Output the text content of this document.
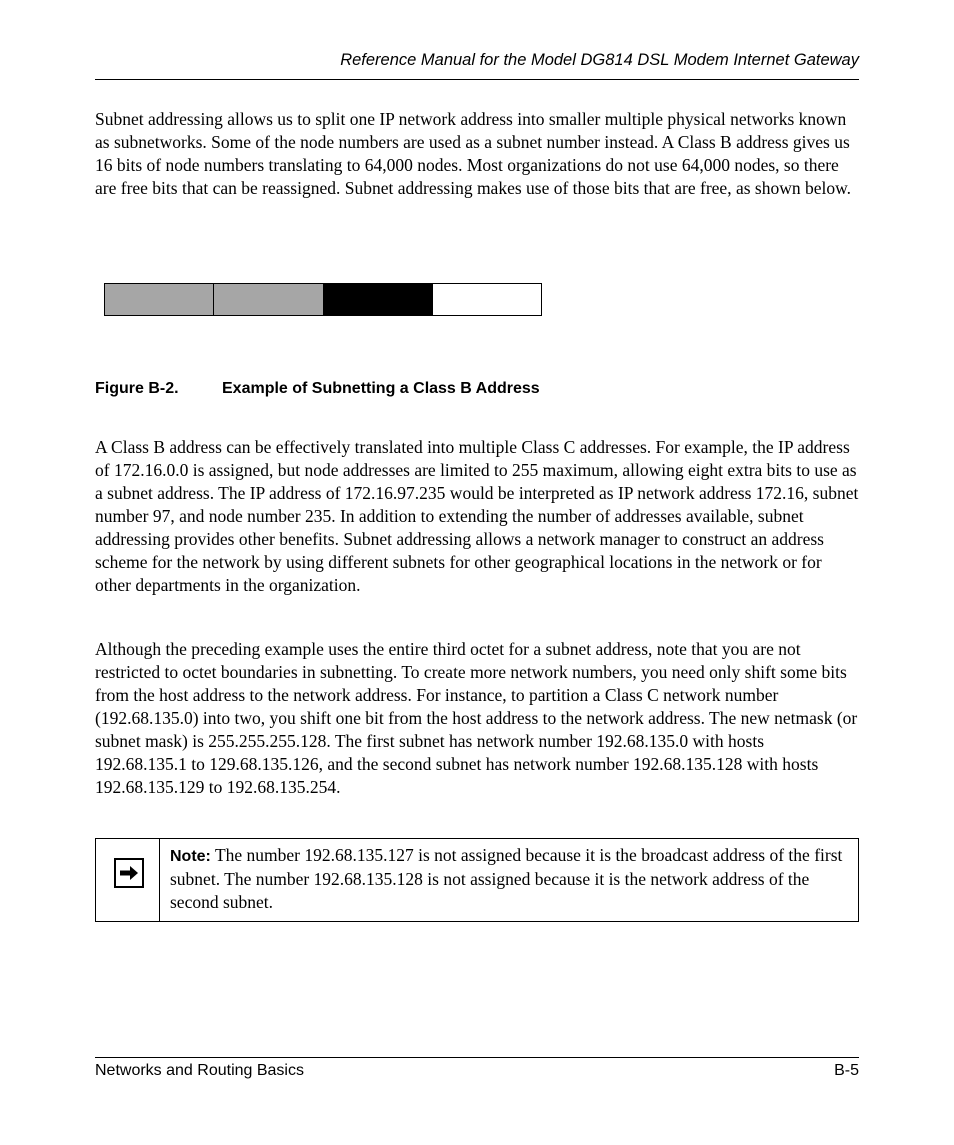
Reference Manual for the Model DG814 DSL Modem Internet Gateway

Subnet addressing allows us to split one IP network address into smaller multiple physical networks known as subnetworks. Some of the node numbers are used as a subnet number instead. A Class B address gives us 16 bits of node numbers translating to 64,000 nodes. Most organizations do not use 64,000 nodes, so there are free bits that can be reassigned. Subnet addressing makes use of those bits that are free, as shown below.

Figure B-2.	Example of Subnetting a Class B Address

A Class B address can be effectively translated into multiple Class C addresses. For example, the IP address of 172.16.0.0 is assigned, but node addresses are limited to 255 maximum, allowing eight extra bits to use as a subnet address. The IP address of 172.16.97.235 would be interpreted as IP network address 172.16, subnet number 97, and node number 235. In addition to extending the number of addresses available, subnet addressing provides other benefits. Subnet addressing allows a network manager to construct an address scheme for the network by using different subnets for other geographical locations in the network or for other departments in the organization.

Although the preceding example uses the entire third octet for a subnet address, note that you are not restricted to octet boundaries in subnetting. To create more network numbers, you need only shift some bits from the host address to the network address. For instance, to partition a Class C network number (192.68.135.0) into two, you shift one bit from the host address to the network address. The new netmask (or subnet mask) is 255.255.255.128. The first subnet has network number 192.68.135.0 with hosts 192.68.135.1 to 129.68.135.126, and the second subnet has network number 192.68.135.128 with hosts 192.68.135.129 to 192.68.135.254.

Note: The number 192.68.135.127 is not assigned because it is the broadcast address of the first subnet. The number 192.68.135.128 is not assigned because it is the network address of the second subnet.
Networks and Routing Basics	B-5
